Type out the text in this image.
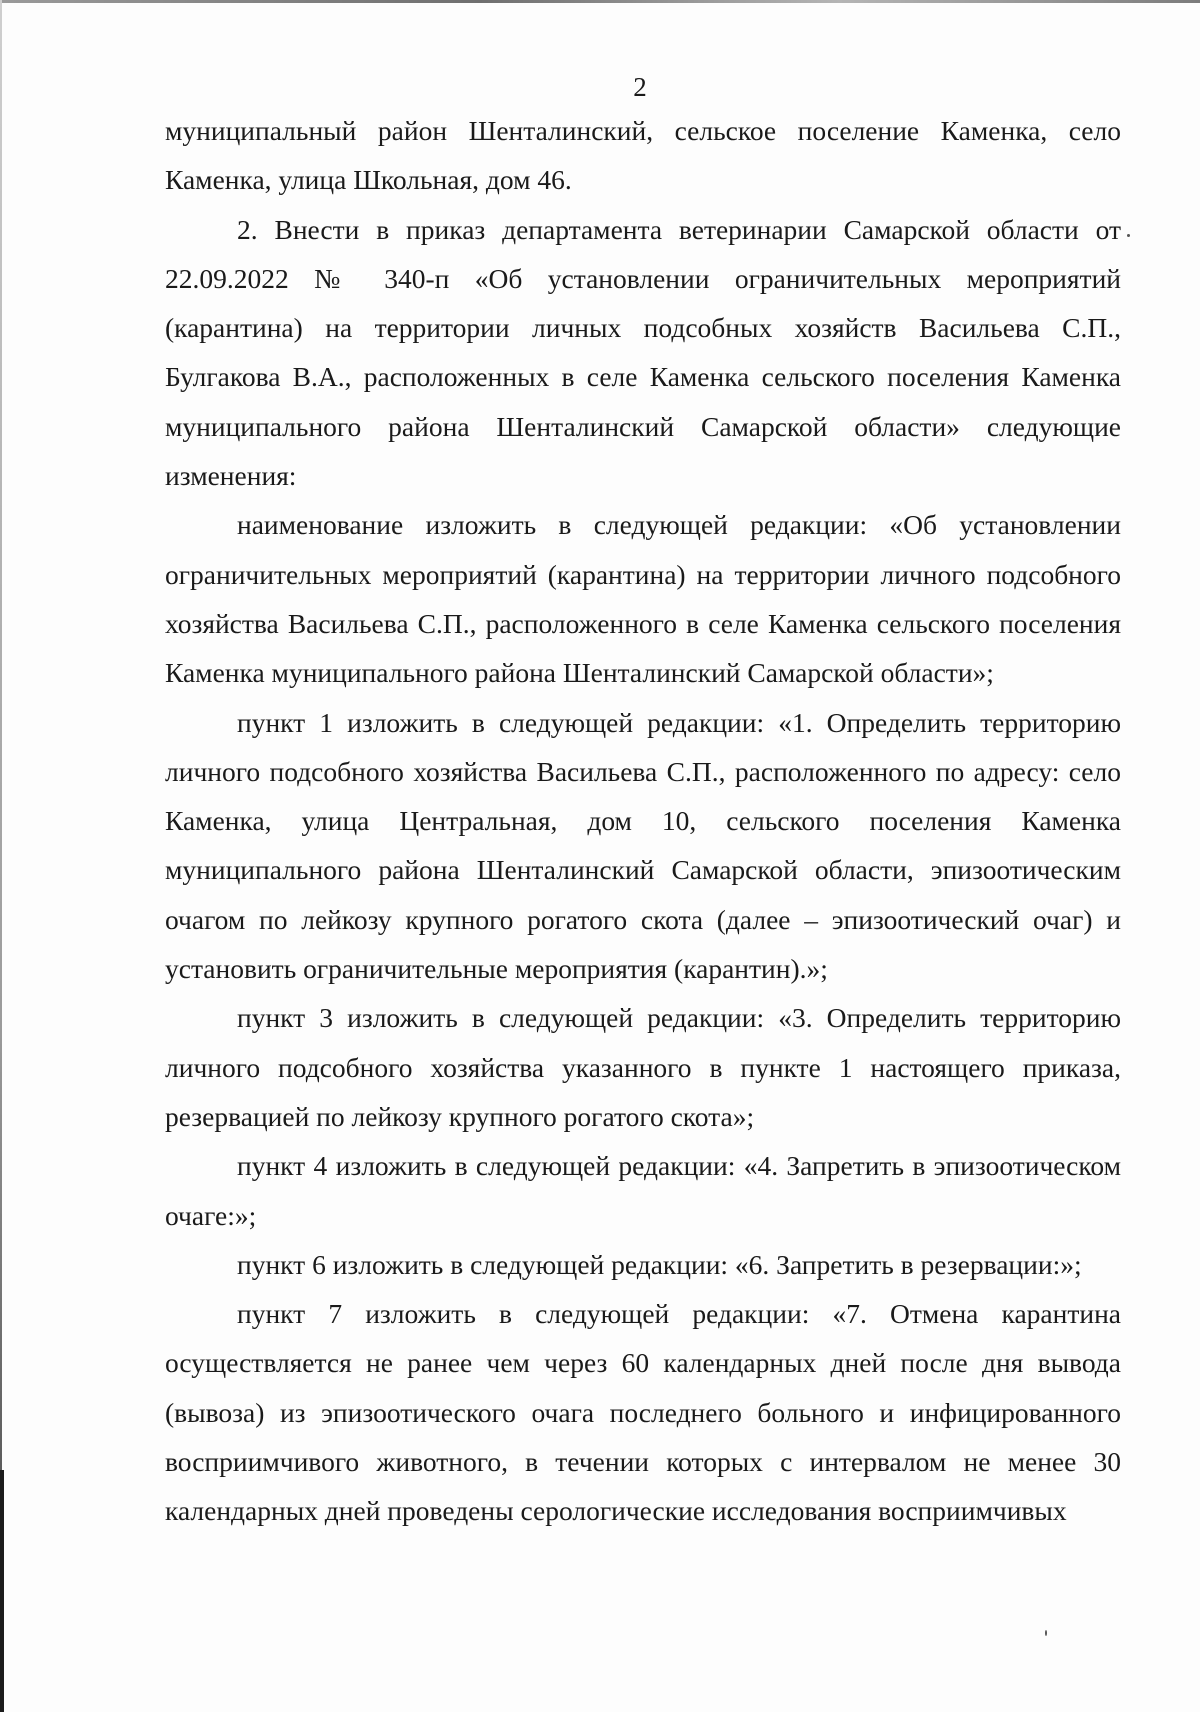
2

муниципальный район Шенталинский, сельское поселение Каменка, село Каменка, улица Школьная, дом 46.

2. Внести в приказ департамента ветеринарии Самарской области от 22.09.2022 № 340-п «Об установлении ограничительных мероприятий (карантина) на территории личных подсобных хозяйств Васильева С.П., Булгакова В.А., расположенных в селе Каменка сельского поселения Каменка муниципального района Шенталинский Самарской области» следующие изменения:

наименование изложить в следующей редакции: «Об установлении ограничительных мероприятий (карантина) на территории личного подсобного хозяйства Васильева С.П., расположенного в селе Каменка сельского поселения Каменка муниципального района Шенталинский Самарской области»;

пункт 1 изложить в следующей редакции: «1. Определить территорию личного подсобного хозяйства Васильева С.П., расположенного по адресу: село Каменка, улица Центральная, дом 10, сельского поселения Каменка муниципального района Шенталинский Самарской области, эпизоотическим очагом по лейкозу крупного рогатого скота (далее – эпизоотический очаг) и установить ограничительные мероприятия (карантин).»;

пункт 3 изложить в следующей редакции: «3. Определить территорию личного подсобного хозяйства указанного в пункте 1 настоящего приказа, резервацией по лейкозу крупного рогатого скота»;

пункт 4 изложить в следующей редакции: «4. Запретить в эпизоотическом очаге:»;

пункт 6 изложить в следующей редакции: «6. Запретить в резервации:»;

пункт 7 изложить в следующей редакции: «7. Отмена карантина осуществляется не ранее чем через 60 календарных дней после дня вывода (вывоза) из эпизоотического очага последнего больного и инфицированного восприимчивого животного, в течении которых с интервалом не менее 30 календарных дней проведены серологические исследования восприимчивых
